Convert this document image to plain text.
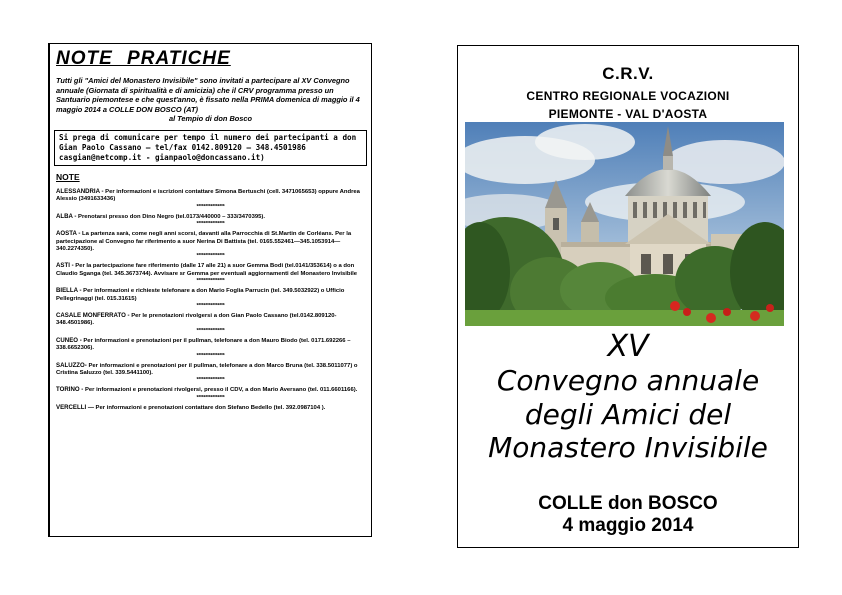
NOTE PRATICHE
Tutti gli "Amici del Monastero Invisibile" sono invitati a partecipare al XV Convegno annuale (Giornata di spiritualità e di amicizia) che il CRV programma presso un Santuario piemontese e che quest'anno, è fissato nella PRIMA domenica di maggio il 4 maggio 2014 a COLLE DON BOSCO (AT)
al Tempio di don Bosco
Si prega di comunicare per tempo il numero dei partecipanti a don Gian Paolo Cassano – tel/fax 0142.809120 – 348.4501986 casgian@netcomp.it - gianpaolo@doncassano.it)
NOTE
ALESSANDRIA - Per informazioni e iscrizioni contattare Simona Bertuschi (cell. 3471065653) oppure Andrea Alessio (3491633436)
****************
ALBA - Prenotarsi presso don Dino Negro (tel.0173/440000 – 333/3470395).
****************
AOSTA - La partenza sarà, come negli anni scorsi, davanti alla Parrocchia di St.Martin de Corléans. Per la partecipazione al Convegno far riferimento a suor Nerina Di Battista (tel. 0165.552461—345.1053914—340.2274350).
****************
ASTI - Per la partecipazione fare riferimento (dalle 17 alle 21) a suor Gemma Bodi (tel.0141/353614) o a don Claudio Sganga (tel. 345.3673744). Avvisare sr Gemma per eventuali aggiornamenti del Monastero Invisibile
****************
BIELLA - Per informazioni e richieste telefonare a don Mario Foglia Parrucin (tel. 349.5032922) o Ufficio Pellegrinaggi (tel. 015.31615)
****************
CASALE MONFERRATO - Per le prenotazioni rivolgersi a don Gian Paolo Cassano (tel.0142.809120- 348.4501986).
****************
CUNEO - Per informazioni e prenotazioni per il pullman, telefonare a don Mauro Biodo (tel. 0171.692266 – 338.6652306).
****************
SALUZZO- Per informazioni e prenotazioni per il pullman, telefonare a don Marco Bruna (tel. 338.5011077) o Cristina Saluzzo (tel. 339.5441100).
****************
TORINO - Per informazioni e prenotazioni rivolgersi, presso il CDV, a don Mario Aversano (tel. 011.6601166).
****************
VERCELLI — Per informazioni e prenotazioni contattare don Stefano Bedello (tel. 392.0987104 ).
C.R.V.
CENTRO REGIONALE VOCAZIONI
PIEMONTE - VAL D'AOSTA
XV
Convegno annuale
degli Amici del
Monastero Invisibile
COLLE don BOSCO
4 maggio 2014
